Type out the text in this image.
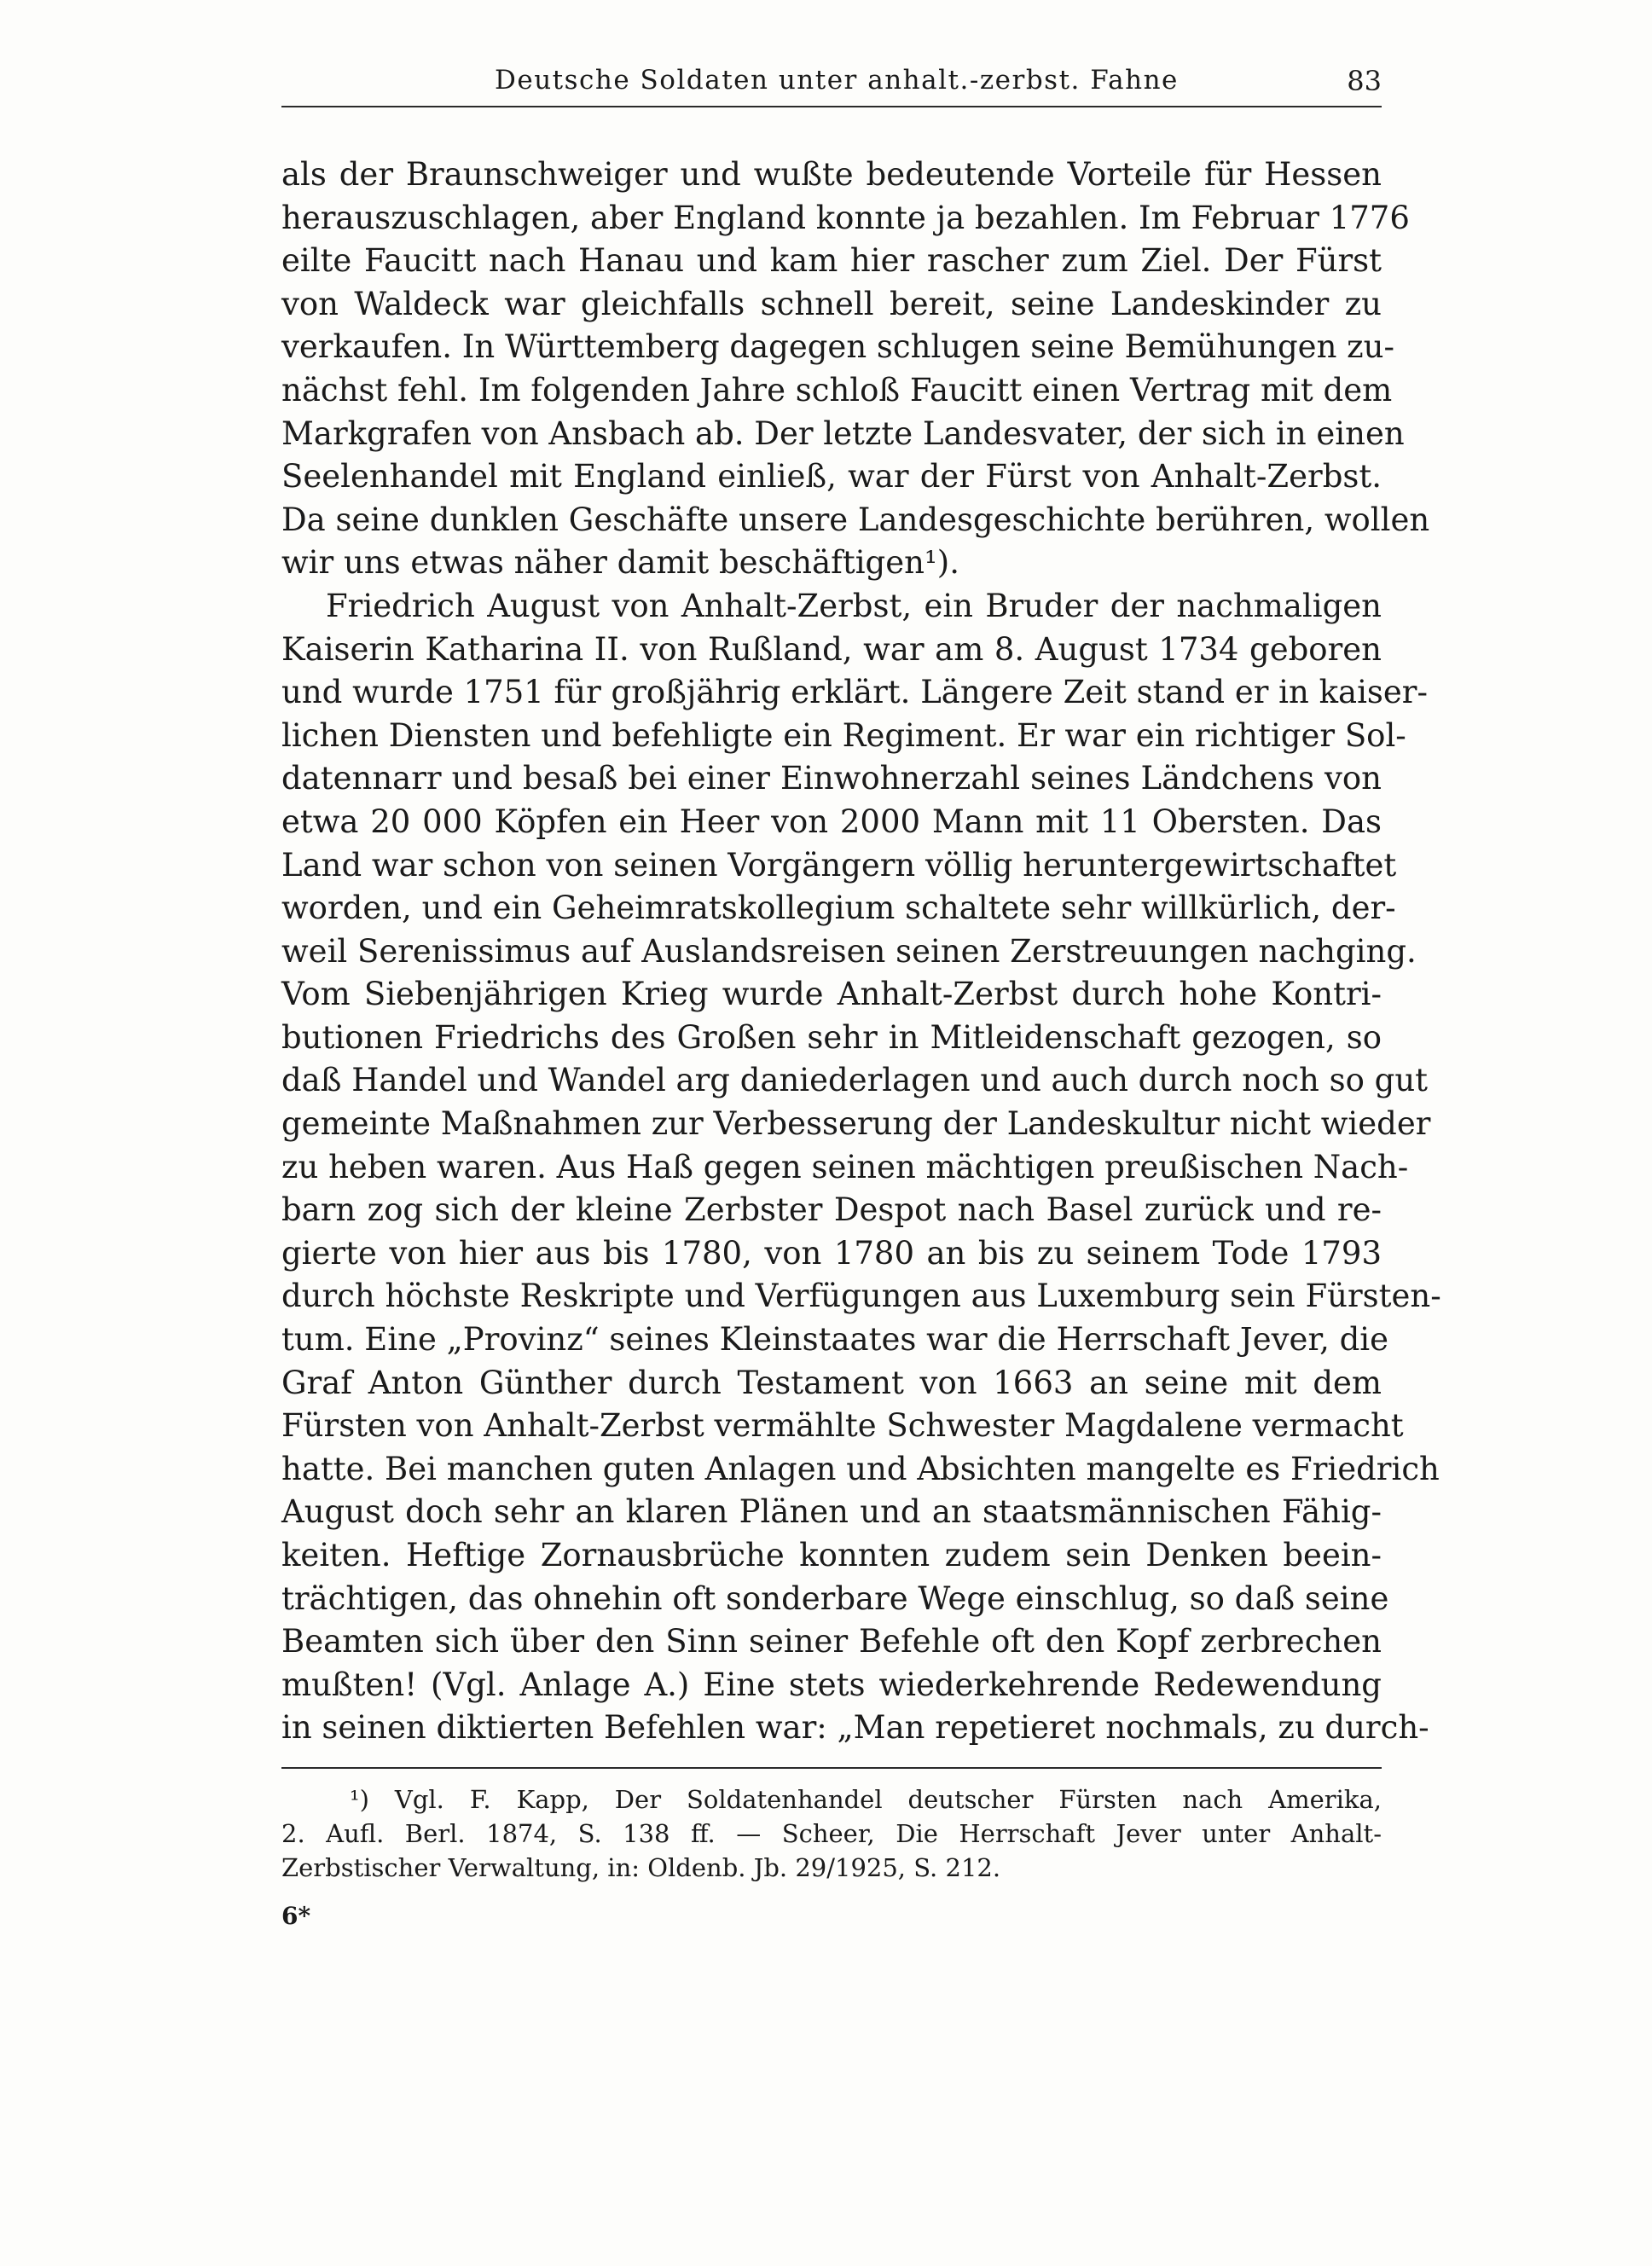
Deutsche Soldaten unter anhalt.-zerbst. Fahne	83
als der Braunschweiger und wußte bedeutende Vorteile für Hessen
herauszuschlagen, aber England konnte ja bezahlen. Im Februar 1776
eilte Faucitt nach Hanau und kam hier rascher zum Ziel. Der Fürst
von Waldeck war gleichfalls schnell bereit, seine Landeskinder zu
verkaufen. In Württemberg dagegen schlugen seine Bemühungen zu-
nächst fehl. Im folgenden Jahre schloß Faucitt einen Vertrag mit dem
Markgrafen von Ansbach ab. Der letzte Landesvater, der sich in einen
Seelenhandel mit England einließ, war der Fürst von Anhalt-Zerbst.
Da seine dunklen Geschäfte unsere Landesgeschichte berühren, wollen
wir uns etwas näher damit beschäftigen¹).
Friedrich August von Anhalt-Zerbst, ein Bruder der nachmaligen
Kaiserin Katharina II. von Rußland, war am 8. August 1734 geboren
und wurde 1751 für großjährig erklärt. Längere Zeit stand er in kaiser-
lichen Diensten und befehligte ein Regiment. Er war ein richtiger Sol-
datennarr und besaß bei einer Einwohnerzahl seines Ländchens von
etwa 20 000 Köpfen ein Heer von 2000 Mann mit 11 Obersten. Das
Land war schon von seinen Vorgängern völlig heruntergewirtschaftet
worden, und ein Geheimratskollegium schaltete sehr willkürlich, der-
weil Serenissimus auf Auslandsreisen seinen Zerstreuungen nachging.
Vom Siebenjährigen Krieg wurde Anhalt-Zerbst durch hohe Kontri-
butionen Friedrichs des Großen sehr in Mitleidenschaft gezogen, so
daß Handel und Wandel arg daniederlagen und auch durch noch so gut
gemeinte Maßnahmen zur Verbesserung der Landeskultur nicht wieder
zu heben waren. Aus Haß gegen seinen mächtigen preußischen Nach-
barn zog sich der kleine Zerbster Despot nach Basel zurück und re-
gierte von hier aus bis 1780, von 1780 an bis zu seinem Tode 1793
durch höchste Reskripte und Verfügungen aus Luxemburg sein Fürsten-
tum. Eine „Provinz“ seines Kleinstaates war die Herrschaft Jever, die
Graf Anton Günther durch Testament von 1663 an seine mit dem
Fürsten von Anhalt-Zerbst vermählte Schwester Magdalene vermacht
hatte. Bei manchen guten Anlagen und Absichten mangelte es Friedrich
August doch sehr an klaren Plänen und an staatsmännischen Fähig-
keiten. Heftige Zornausbrüche konnten zudem sein Denken beein-
trächtigen, das ohnehin oft sonderbare Wege einschlug, so daß seine
Beamten sich über den Sinn seiner Befehle oft den Kopf zerbrechen
mußten! (Vgl. Anlage A.) Eine stets wiederkehrende Redewendung
in seinen diktierten Befehlen war: „Man repetieret nochmals, zu durch-
¹) Vgl. F. Kapp, Der Soldatenhandel deutscher Fürsten nach Amerika,
2. Aufl. Berl. 1874, S. 138 ff. — Scheer, Die Herrschaft Jever unter Anhalt-
Zerbstischer Verwaltung, in: Oldenb. Jb. 29/1925, S. 212.
6*
